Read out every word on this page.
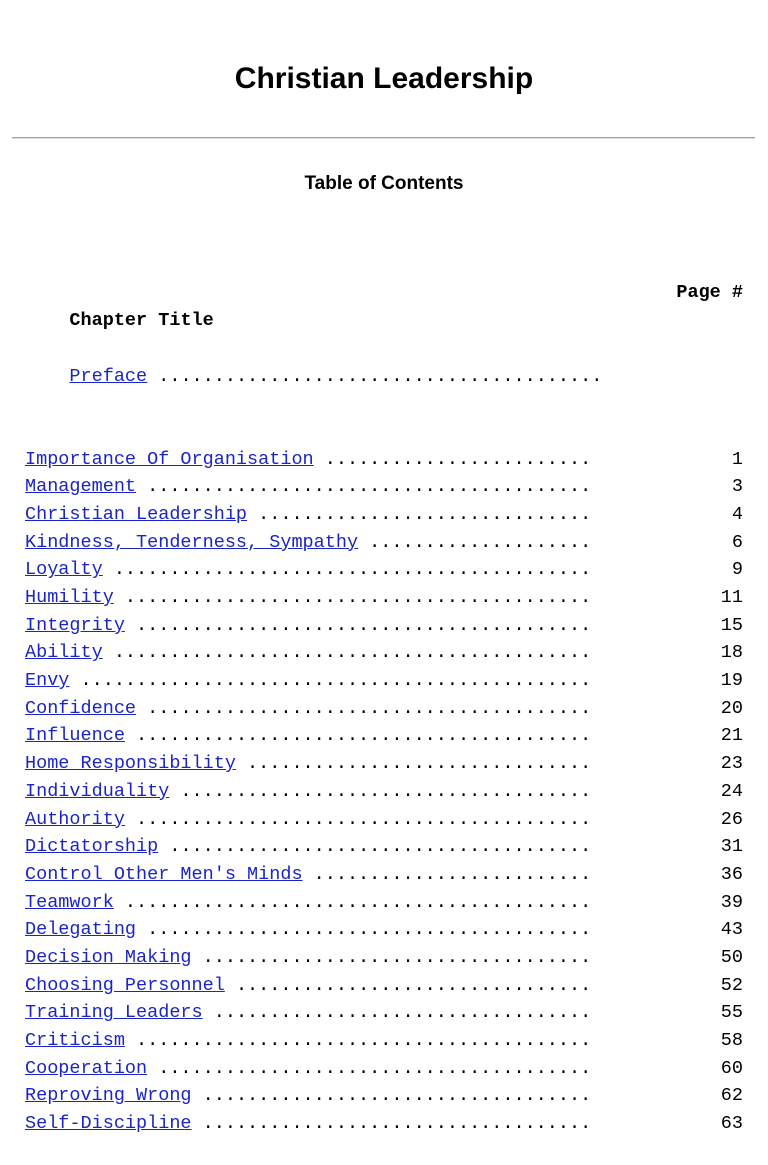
Christian Leadership
Table of Contents

Chapter Title

Page #

Preface ........................................

Importance Of Organisation ........................	1
Management ........................................	3
Christian Leadership ..............................	4
Kindness, Tenderness, Sympathy ....................	6
Loyalty ...........................................	9
Humility ..........................................	11
Integrity .........................................	15
Ability ...........................................	18
Envy ..............................................	19
Confidence ........................................	20
Influence .........................................	21
Home Responsibility ...............................	23
Individuality .....................................	24
Authority .........................................	26
Dictatorship ......................................	31
Control Other Men's Minds .........................	36
Teamwork ..........................................	39
Delegating ........................................	43
Decision Making ...................................	50
Choosing Personnel ................................	52
Training Leaders ..................................	55
Criticism .........................................	58
Cooperation .......................................	60
Reproving Wrong ...................................	62
Self-Discipline ...................................	63
